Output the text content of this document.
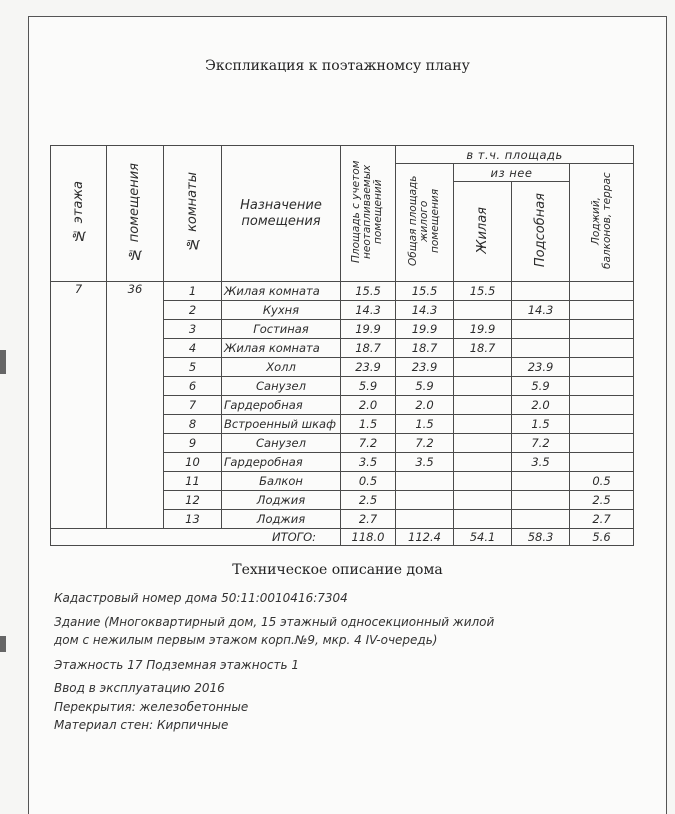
Экспликация к поэтажномсу плану
№ этажа	№ помещения	№ комнаты	Назначение помещения	Площадь с учетом неотапливаемых помещений	в т.ч. площадь			
					Общая площадь жилого помещения	из нее		Лоджий, балконов, террас
						Жилая	Подсобная	
7	36	1	Жилая комната	15.5	15.5	15.5		
		2	Кухня	14.3	14.3		14.3	
		3	Гостиная	19.9	19.9	19.9		
		4	Жилая комната	18.7	18.7	18.7		
		5	Холл	23.9	23.9		23.9	
		6	Санузел	5.9	5.9		5.9	
		7	Гардеробная	2.0	2.0		2.0	
		8	Встроенный шкаф	1.5	1.5		1.5	
		9	Санузел	7.2	7.2		7.2	
		10	Гардеробная	3.5	3.5		3.5	
		11	Балкон	0.5				0.5
		12	Лоджия	2.5				2.5
		13	Лоджия	2.7				2.7
ИТОГО:				118.0	112.4	54.1	58.3	5.6
Техническое описание дома
Кадастровый номер дома 50:11:0010416:7304
Здание (Многоквартирный дом, 15 этажный односекционный жилой
дом с нежилым первым этажом корп.№9, мкр. 4 IV-очередь)
Этажность 17 Подземная этажность 1
Ввод в эксплуатацию 2016
Перекрытия: железобетонные
Материал стен: Кирпичные
